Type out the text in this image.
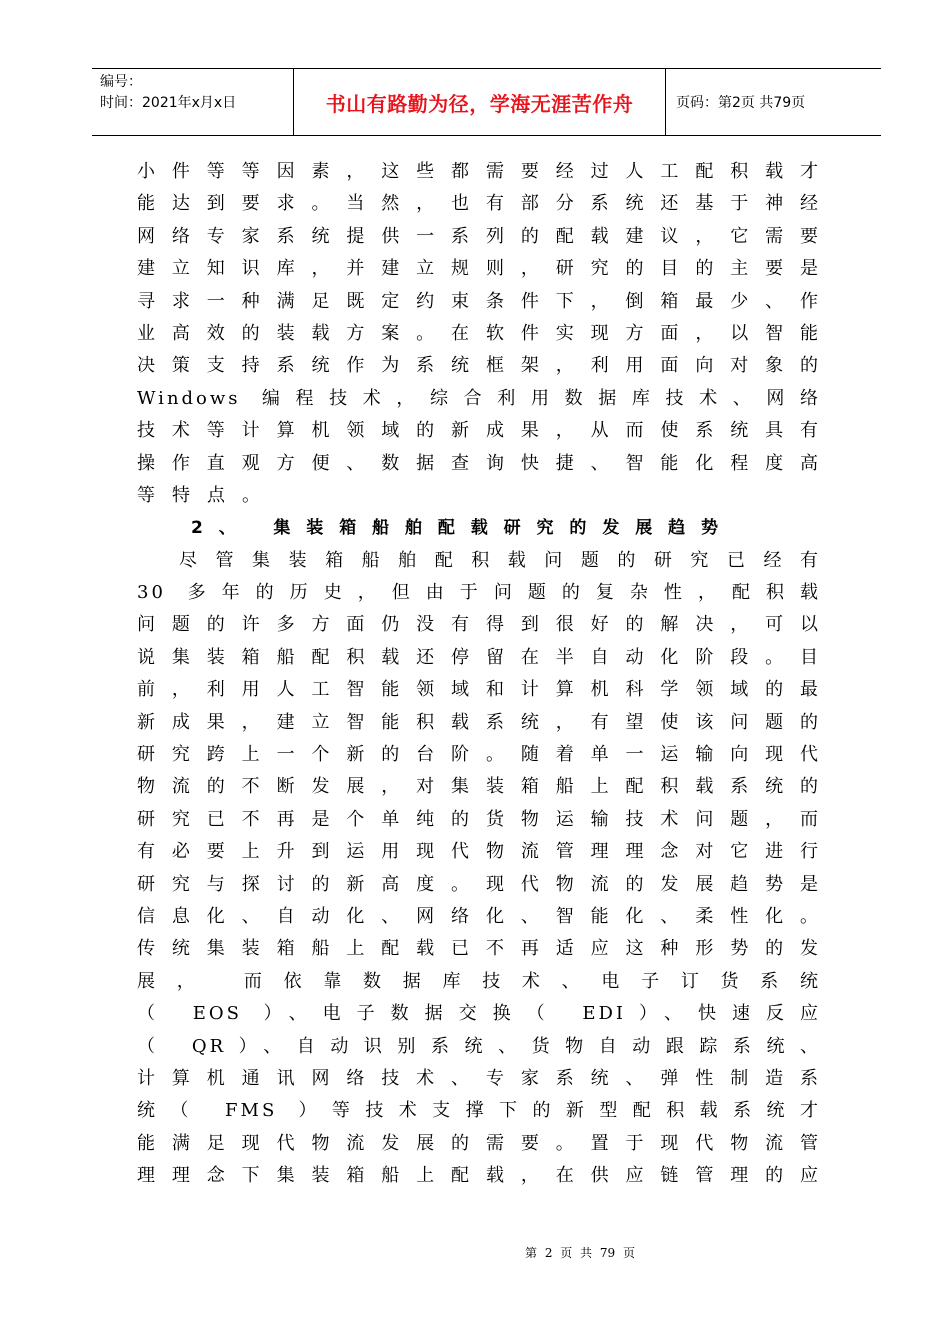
编号：
时间：2021年x月x日	书山有路勤为径，学海无涯苦作舟	页码：第2页 共79页
小件等等因素，这些都需要经过人工配积载才
能达到要求。当然，也有部分系统还基于神经
网络专家系统提供一系列的配载建议，它需要
建立知识库，并建立规则，研究的目的主要是
寻求一种满足既定约束条件下，倒箱最少、作
业高效的装载方案。在软件实现方面，以智能
决策支持系统作为系统框架，利用面向对象的
Windows 编程技术，综合利用数据库技术、网络
技术等计算机领域的新成果，从而使系统具有
操作直观方便、数据查询快捷、智能化程度高
等特点。
2、 集装箱船舶配载研究的发展趋势
尽管集装箱船舶配积载问题的研究已经有
30 多年的历史，但由于问题的复杂性，配积载
问题的许多方面仍没有得到很好的解决，可以
说集装箱船配积载还停留在半自动化阶段。目
前，利用人工智能领域和计算机科学领域的最
新成果，建立智能积载系统，有望使该问题的
研究跨上一个新的台阶。随着单一运输向现代
物流的不断发展，对集装箱船上配积载系统的
研究已不再是个单纯的货物运输技术问题，而
有必要上升到运用现代物流管理理念对它进行
研究与探讨的新高度。现代物流的发展趋势是
信息化、自动化、网络化、智能化、柔性化。
传统集装箱船上配载已不再适应这种形势的发
展， 而依靠数据库技术、电子订货系统
（ EOS ）、电子数据交换（ EDI）、快速反应
（ QR）、自动识别系统、货物自动跟踪系统、
计算机通讯网络技术、专家系统、弹性制造系
统（ FMS ）等技术支撑下的新型配积载系统才
能满足现代物流发展的需要。置于现代物流管
理理念下集装箱船上配载，在供应链管理的应
第 2 页 共 79 页
